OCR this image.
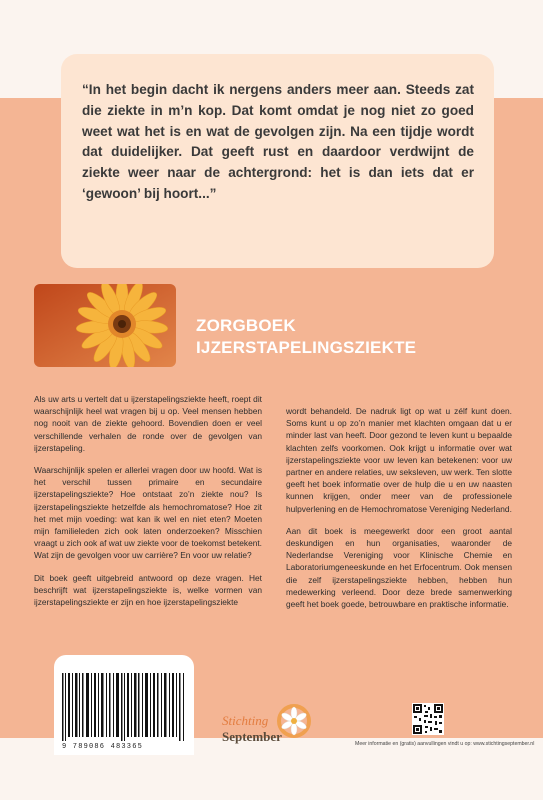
“In het begin dacht ik nergens anders meer aan. Steeds zat die ziekte in m’n kop. Dat komt omdat je nog niet zo goed weet wat het is en wat de gevolgen zijn. Na een tijdje wordt dat duidelijker. Dat geeft rust en daardoor verdwijnt de ziekte weer naar de achtergrond: het is dan iets dat er ‘gewoon’ bij hoort...”

ZORGBOEK
IJZERSTAPELINGSZIEKTE

Als uw arts u vertelt dat u ijzerstapelingsziekte heeft, roept dit waarschijnlijk heel wat vragen bij u op. Veel mensen hebben nog nooit van de ziekte gehoord. Bovendien doen er veel verschillende verhalen de ronde over de gevolgen van ijzerstapeling.

Waarschijnlijk spelen er allerlei vragen door uw hoofd. Wat is het verschil tussen primaire en secundaire ijzerstapelingsziekte? Hoe ontstaat zo’n ziekte nou? Is ijzerstapelingsziekte hetzelfde als hemochromatose? Hoe zit het met mijn voeding: wat kan ik wel en niet eten? Moeten mijn familieleden zich ook laten onderzoeken? Misschien vraagt u zich ook af wat uw ziekte voor de toekomst betekent. Wat zijn de gevolgen voor uw carrière? En voor uw relatie?

Dit boek geeft uitgebreid antwoord op deze vragen. Het beschrijft wat ijzerstapelingsziekte is, welke vormen van ijzerstapelingsziekte er zijn en hoe ijzerstapelingsziekte

wordt behandeld. De nadruk ligt op wat u zélf kunt doen. Soms kunt u op zo’n manier met klachten omgaan dat u er minder last van heeft. Door gezond te leven kunt u bepaalde klachten zelfs voorkomen. Ook krijgt u informatie over wat ijzerstapelingsziekte voor uw leven kan betekenen: voor uw partner en andere relaties, uw seksleven, uw werk. Ten slotte geeft het boek informatie over de hulp die u en uw naasten kunnen krijgen, onder meer van de professionele hulpverlening en de Hemochromatose Vereniging Nederland.

Aan dit boek is meegewerkt door een groot aantal deskundigen en hun organisaties, waaronder de Nederlandse Vereniging voor Klinische Chemie en Laboratoriumgeneeskunde en het Erfocentrum. Ook mensen die zelf ijzerstapelingsziekte hebben, hebben hun medewerking verleend. Door deze brede samenwerking geeft het boek goede, betrouwbare en praktische informatie.

9 789086 483365
Stichting
September	Meer informatie en (gratis) aanvullingen vindt u op: www.stichtingseptember.nl
